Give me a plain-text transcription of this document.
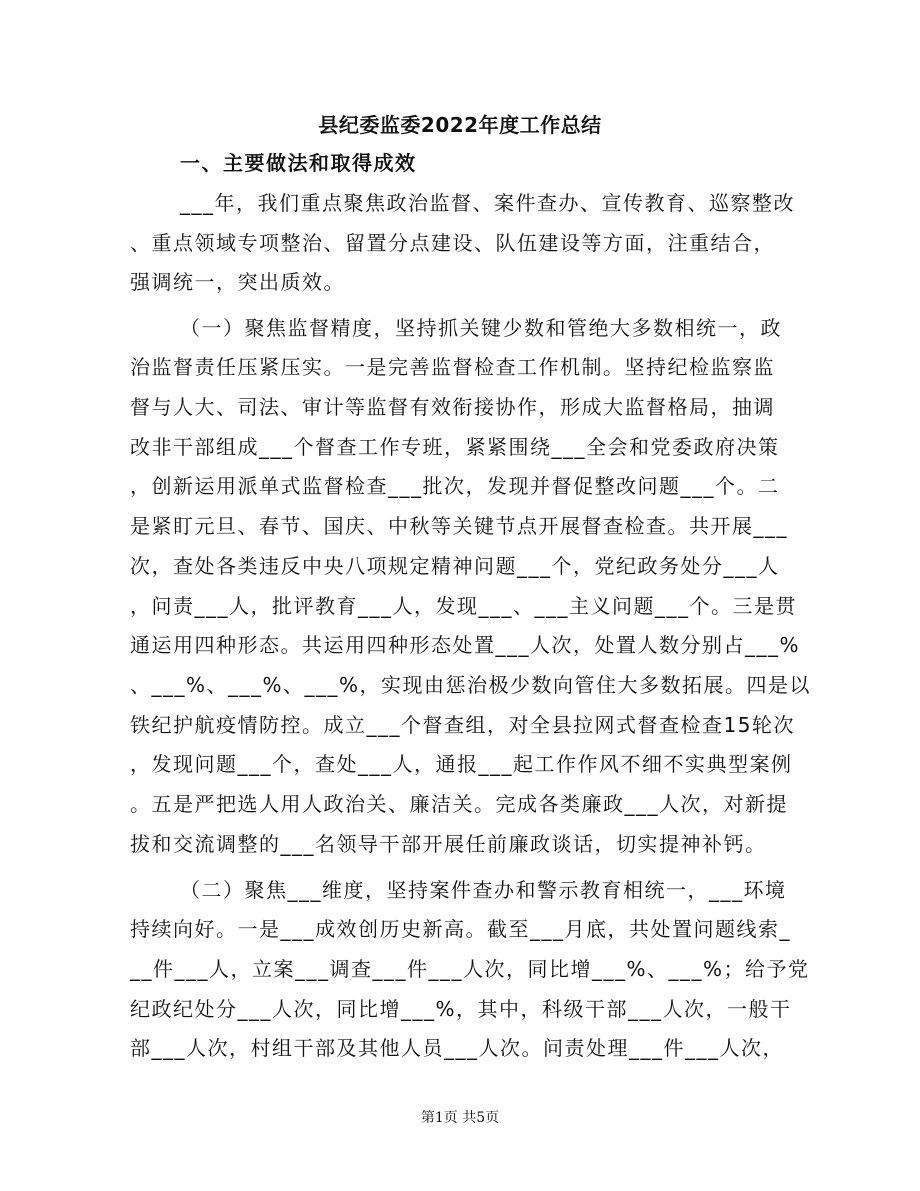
县纪委监委2022年度工作总结
一、主要做法和取得成效
___年，我们重点聚焦政治监督、案件查办、宣传教育、巡察整改
、重点领域专项整治、留置分点建设、队伍建设等方面，注重结合，
强调统一，突出质效。
（一）聚焦监督精度，坚持抓关键少数和管绝大多数相统一，政
治监督责任压紧压实。一是完善监督检查工作机制。坚持纪检监察监
督与人大、司法、审计等监督有效衔接协作，形成大监督格局，抽调
改非干部组成___个督查工作专班，紧紧围绕___全会和党委政府决策
，创新运用派单式监督检查___批次，发现并督促整改问题___个。二
是紧盯元旦、春节、国庆、中秋等关键节点开展督查检查。共开展___
次，查处各类违反中央八项规定精神问题___个，党纪政务处分___人
，问责___人，批评教育___人，发现___、___主义问题___个。三是贯
通运用四种形态。共运用四种形态处置___人次，处置人数分别占___%
、___%、___%、___%，实现由惩治极少数向管住大多数拓展。四是以
铁纪护航疫情防控。成立___个督查组，对全县拉网式督查检查15轮次
，发现问题___个，查处___人，通报___起工作作风不细不实典型案例
。五是严把选人用人政治关、廉洁关。完成各类廉政___人次，对新提
拔和交流调整的___名领导干部开展任前廉政谈话，切实提神补钙。
（二）聚焦___维度，坚持案件查办和警示教育相统一，___环境
持续向好。一是___成效创历史新高。截至___月底，共处置问题线索_
__件___人，立案___调查___件___人次，同比增___%、___%；给予党
纪政纪处分___人次，同比增___%，其中，科级干部___人次，一般干
部___人次，村组干部及其他人员___人次。问责处理___件___人次，
第1页 共5页
